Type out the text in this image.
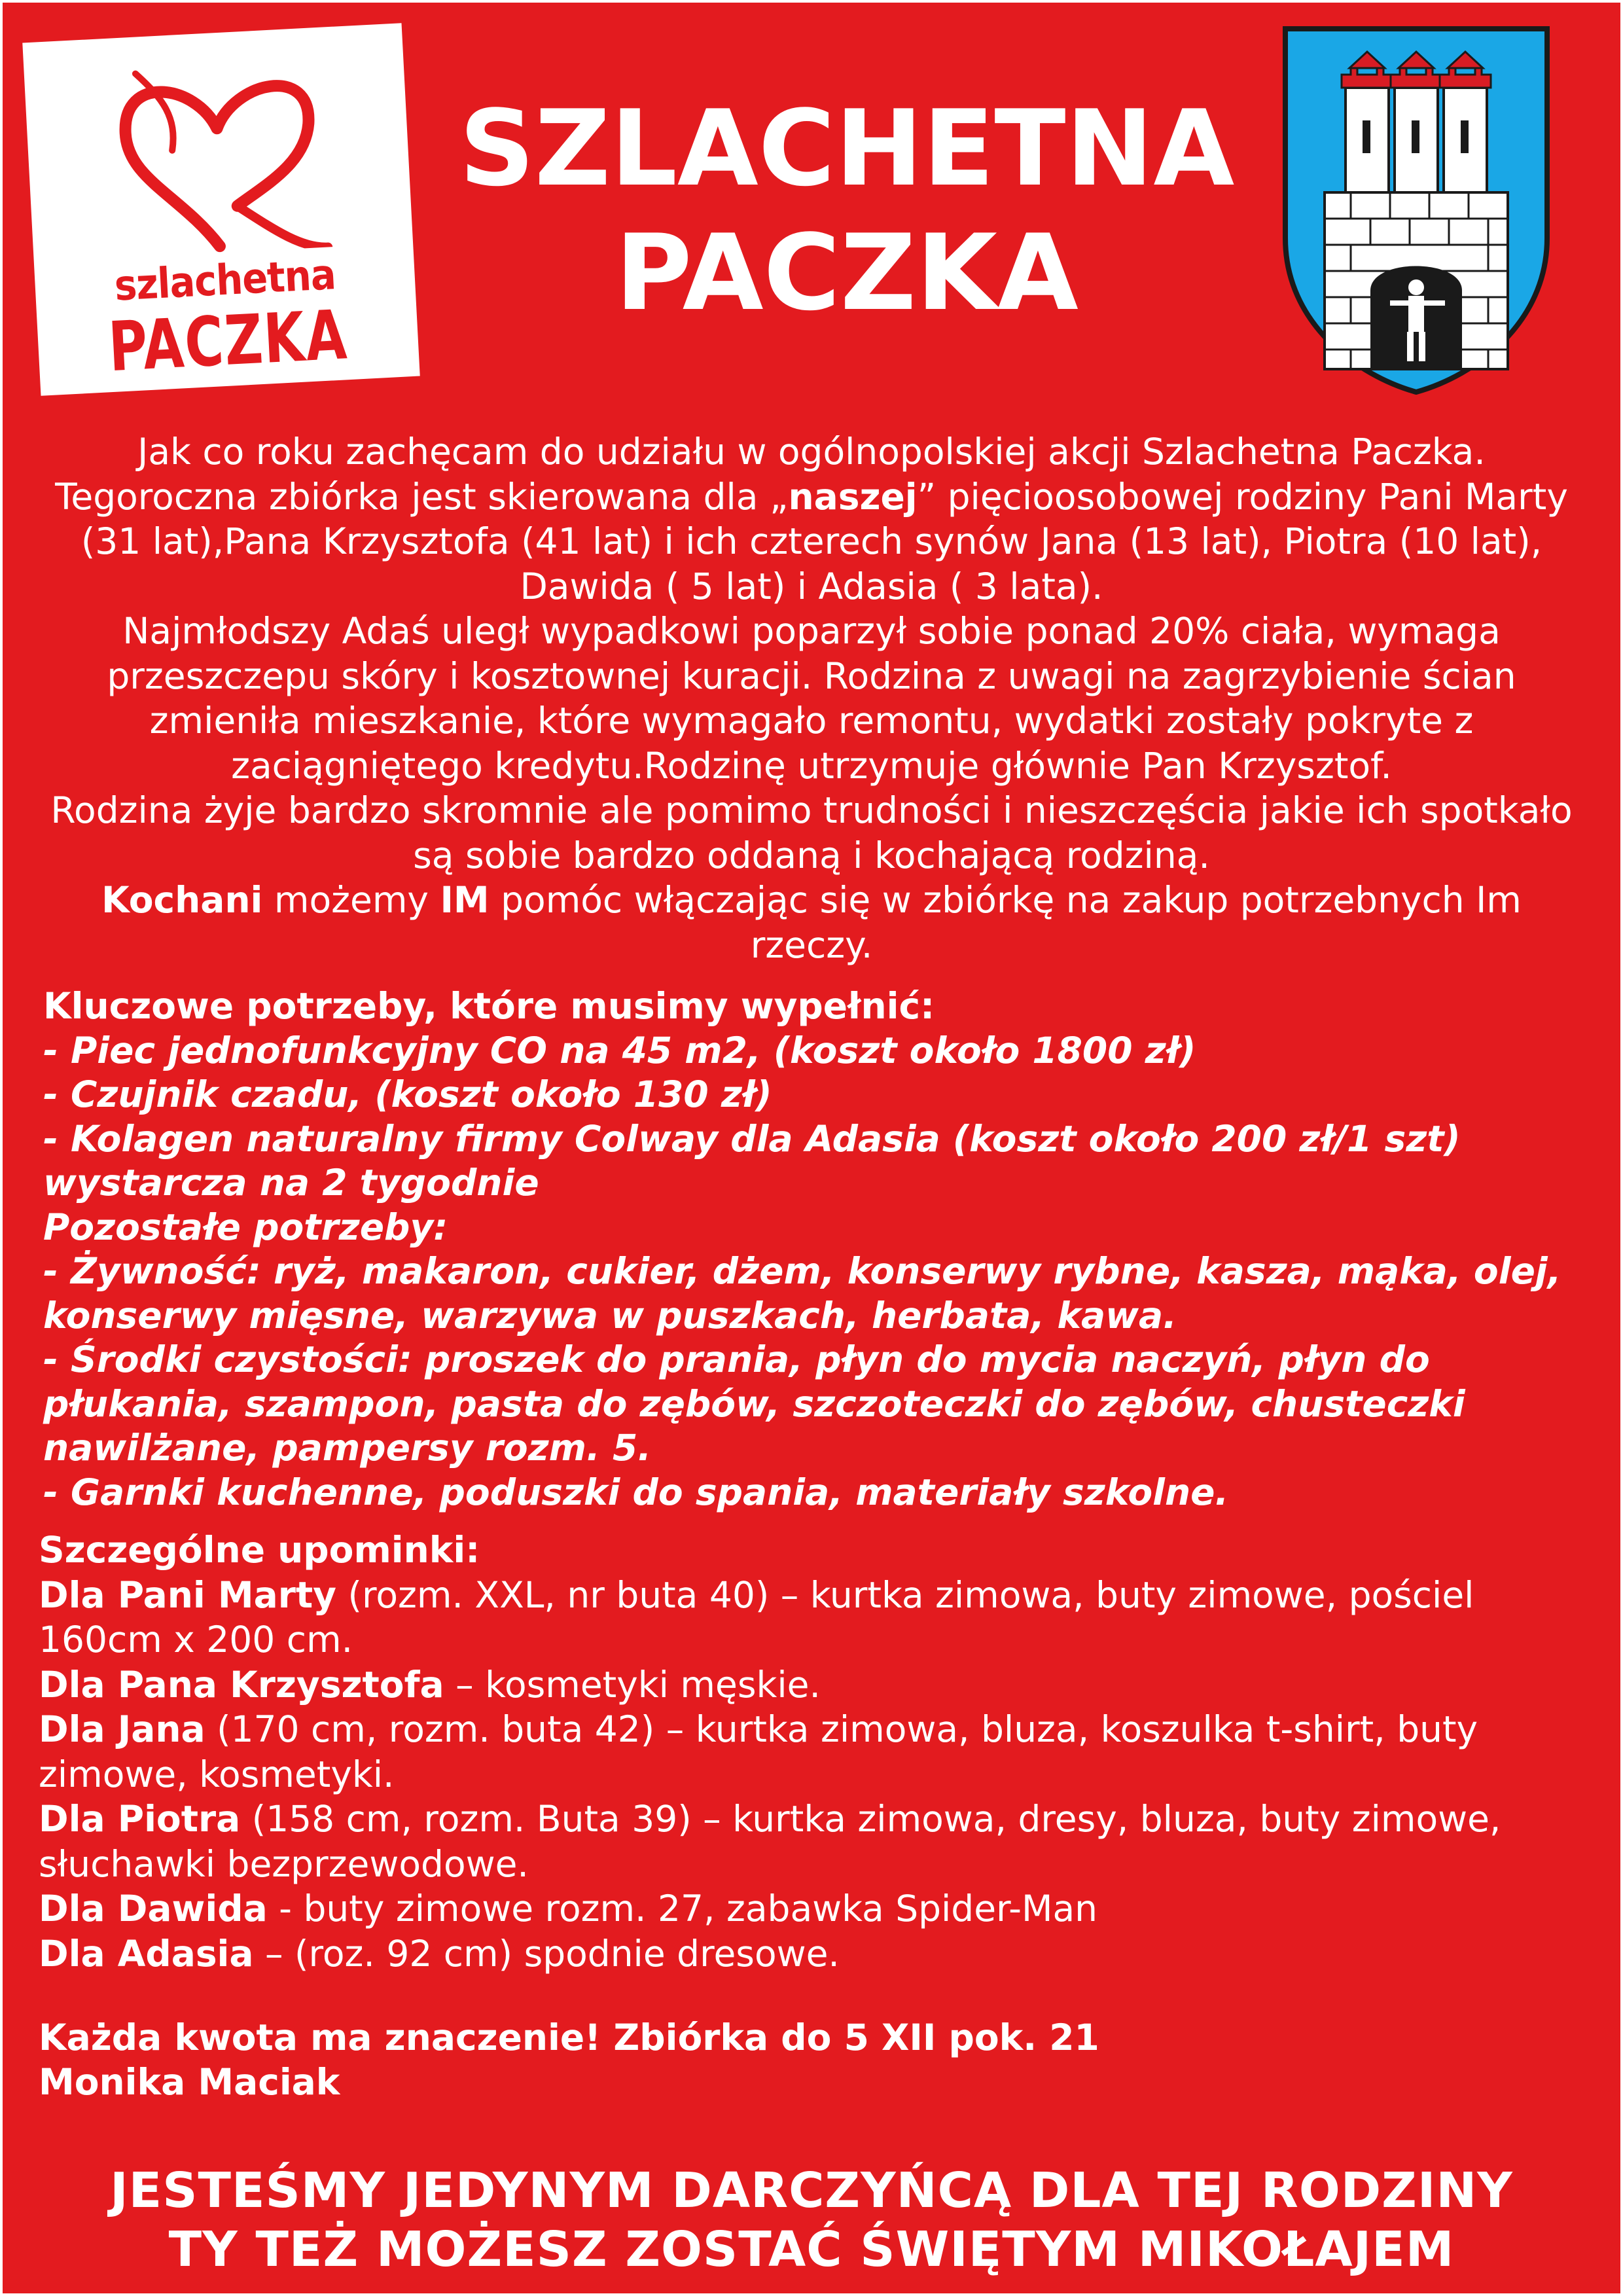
szlachetna
PACZKA
SZLACHETNA
PACZKA

Jak co roku zachęcam do udziału w ogólnopolskiej akcji Szlachetna Paczka.

Tegoroczna zbiórka jest skierowana dla „naszej” pięcioosobowej rodziny Pani Marty (31 lat),Pana Krzysztofa (41 lat) i ich czterech synów Jana (13 lat), Piotra (10 lat), Dawida ( 5 lat) i Adasia ( 3 lata).

Najmłodszy Adaś uległ wypadkowi poparzył sobie ponad 20% ciała, wymaga przeszczepu skóry i kosztownej kuracji. Rodzina z uwagi na zagrzybienie ścian zmieniła mieszkanie, które wymagało remontu, wydatki zostały pokryte z zaciągniętego kredytu.Rodzinę utrzymuje głównie Pan Krzysztof.

Rodzina żyje bardzo skromnie ale pomimo trudności i nieszczęścia jakie ich spotkało są sobie bardzo oddaną i kochającą rodziną.

Kochani możemy IM pomóc włączając się w zbiórkę na zakup potrzebnych Im rzeczy.

Kluczowe potrzeby, które musimy wypełnić:

- Piec jednofunkcyjny CO na 45 m2, (koszt około 1800 zł)

- Czujnik czadu, (koszt około 130 zł)

- Kolagen naturalny firmy Colway dla Adasia (koszt około 200 zł/1 szt) wystarcza na 2 tygodnie

Pozostałe potrzeby:

- Żywność: ryż, makaron, cukier, dżem, konserwy rybne, kasza, mąka, olej, konserwy mięsne, warzywa w puszkach, herbata, kawa.

- Środki czystości: proszek do prania, płyn do mycia naczyń, płyn do płukania, szampon, pasta do zębów, szczoteczki do zębów, chusteczki nawilżane, pampersy rozm. 5.

- Garnki kuchenne, poduszki do spania, materiały szkolne.

Szczególne upominki:

Dla Pani Marty (rozm. XXL, nr buta 40) – kurtka zimowa, buty zimowe, pościel 160cm x 200 cm.

Dla Pana Krzysztofa – kosmetyki męskie.

Dla Jana (170 cm, rozm. buta 42) – kurtka zimowa, bluza, koszulka t-shirt, buty zimowe, kosmetyki.

Dla Piotra (158 cm, rozm. Buta 39) – kurtka zimowa, dresy, bluza, buty zimowe, słuchawki bezprzewodowe.

Dla Dawida - buty zimowe rozm. 27, zabawka Spider-Man

Dla Adasia – (roz. 92 cm) spodnie dresowe.

Każda kwota ma znaczenie! Zbiórka do 5 XII pok. 21

Monika Maciak

JESTEŚMY JEDYNYM DARCZYŃCĄ DLA TEJ RODZINY

TY TEŻ MOŻESZ ZOSTAĆ ŚWIĘTYM MIKOŁAJEM
